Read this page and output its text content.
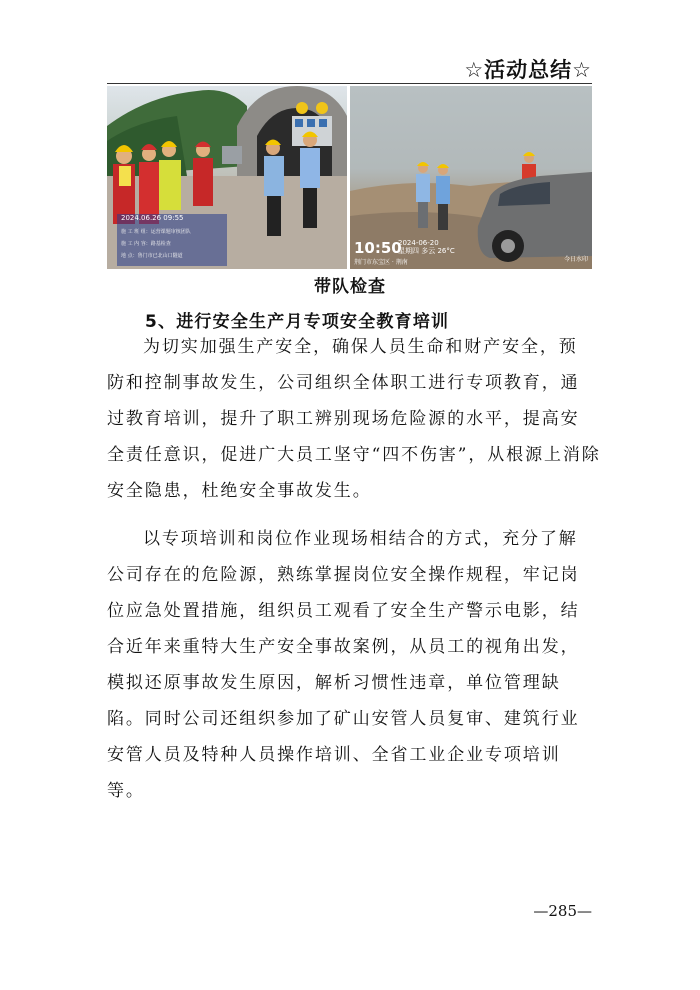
☆活动总结☆
2024.06.26 09:55
施 工 班 组：运营课题审核团队
施 工 内 容：路基检查
地 点：鲁门市已北山口隧道	10:50
2024-06-20
星期四 多云 26°C
荆门市东宝区 · 荆南	今日水印
带队检查
5、进行安全生产月专项安全教育培训
为切实加强生产安全，确保人员生命和财产安全，预
防和控制事故发生，公司组织全体职工进行专项教育，通
过教育培训，提升了职工辨别现场危险源的水平，提高安
全责任意识，促进广大员工坚守“四不伤害”，从根源上消除
安全隐患，杜绝安全事故发生。
以专项培训和岗位作业现场相结合的方式，充分了解
公司存在的危险源，熟练掌握岗位安全操作规程，牢记岗
位应急处置措施，组织员工观看了安全生产警示电影，结
合近年来重特大生产安全事故案例，从员工的视角出发，
模拟还原事故发生原因，解析习惯性违章，单位管理缺
陷。同时公司还组织参加了矿山安管人员复审、建筑行业
安管人员及特种人员操作培训、全省工业企业专项培训
等。
—285—
